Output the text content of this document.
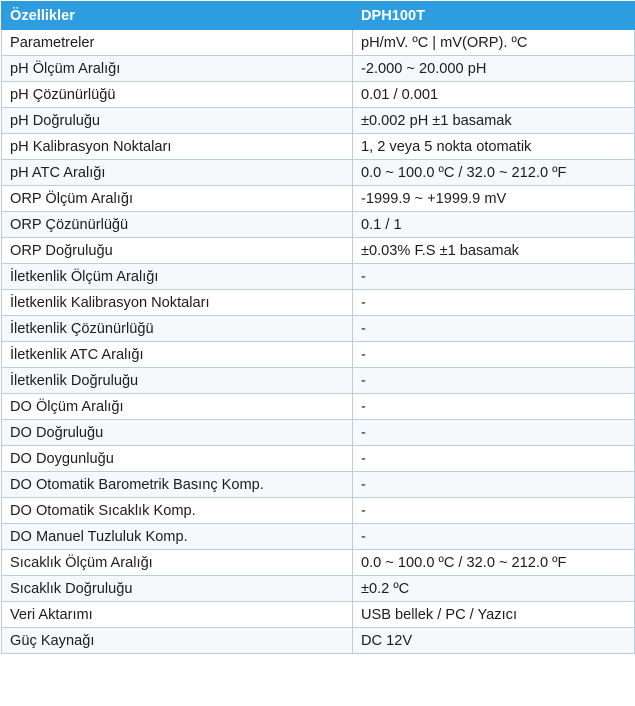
Özellikler	DPH100T
Parametreler	pH/mV. ºC | mV(ORP). ºC
pH Ölçüm Aralığı	-2.000 ~ 20.000 pH
pH Çözünürlüğü	0.01 / 0.001
pH Doğruluğu	±0.002 pH ±1 basamak
pH Kalibrasyon Noktaları	1, 2 veya 5 nokta otomatik
pH ATC Aralığı	0.0 ~ 100.0 ºC / 32.0 ~ 212.0 ºF
ORP Ölçüm Aralığı	-1999.9 ~ +1999.9 mV
ORP Çözünürlüğü	0.1 / 1
ORP Doğruluğu	±0.03% F.S ±1 basamak
İletkenlik Ölçüm Aralığı	-
İletkenlik Kalibrasyon Noktaları	-
İletkenlik Çözünürlüğü	-
İletkenlik ATC Aralığı	-
İletkenlik Doğruluğu	-
DO Ölçüm Aralığı	-
DO Doğruluğu	-
DO Doygunluğu	-
DO Otomatik Barometrik Basınç Komp.	-
DO Otomatik Sıcaklık Komp.	-
DO Manuel Tuzluluk Komp.	-
Sıcaklık Ölçüm Aralığı	0.0 ~ 100.0 ºC / 32.0 ~ 212.0 ºF
Sıcaklık Doğruluğu	±0.2 ºC
Veri Aktarımı	USB bellek / PC / Yazıcı
Güç Kaynağı	DC 12V
